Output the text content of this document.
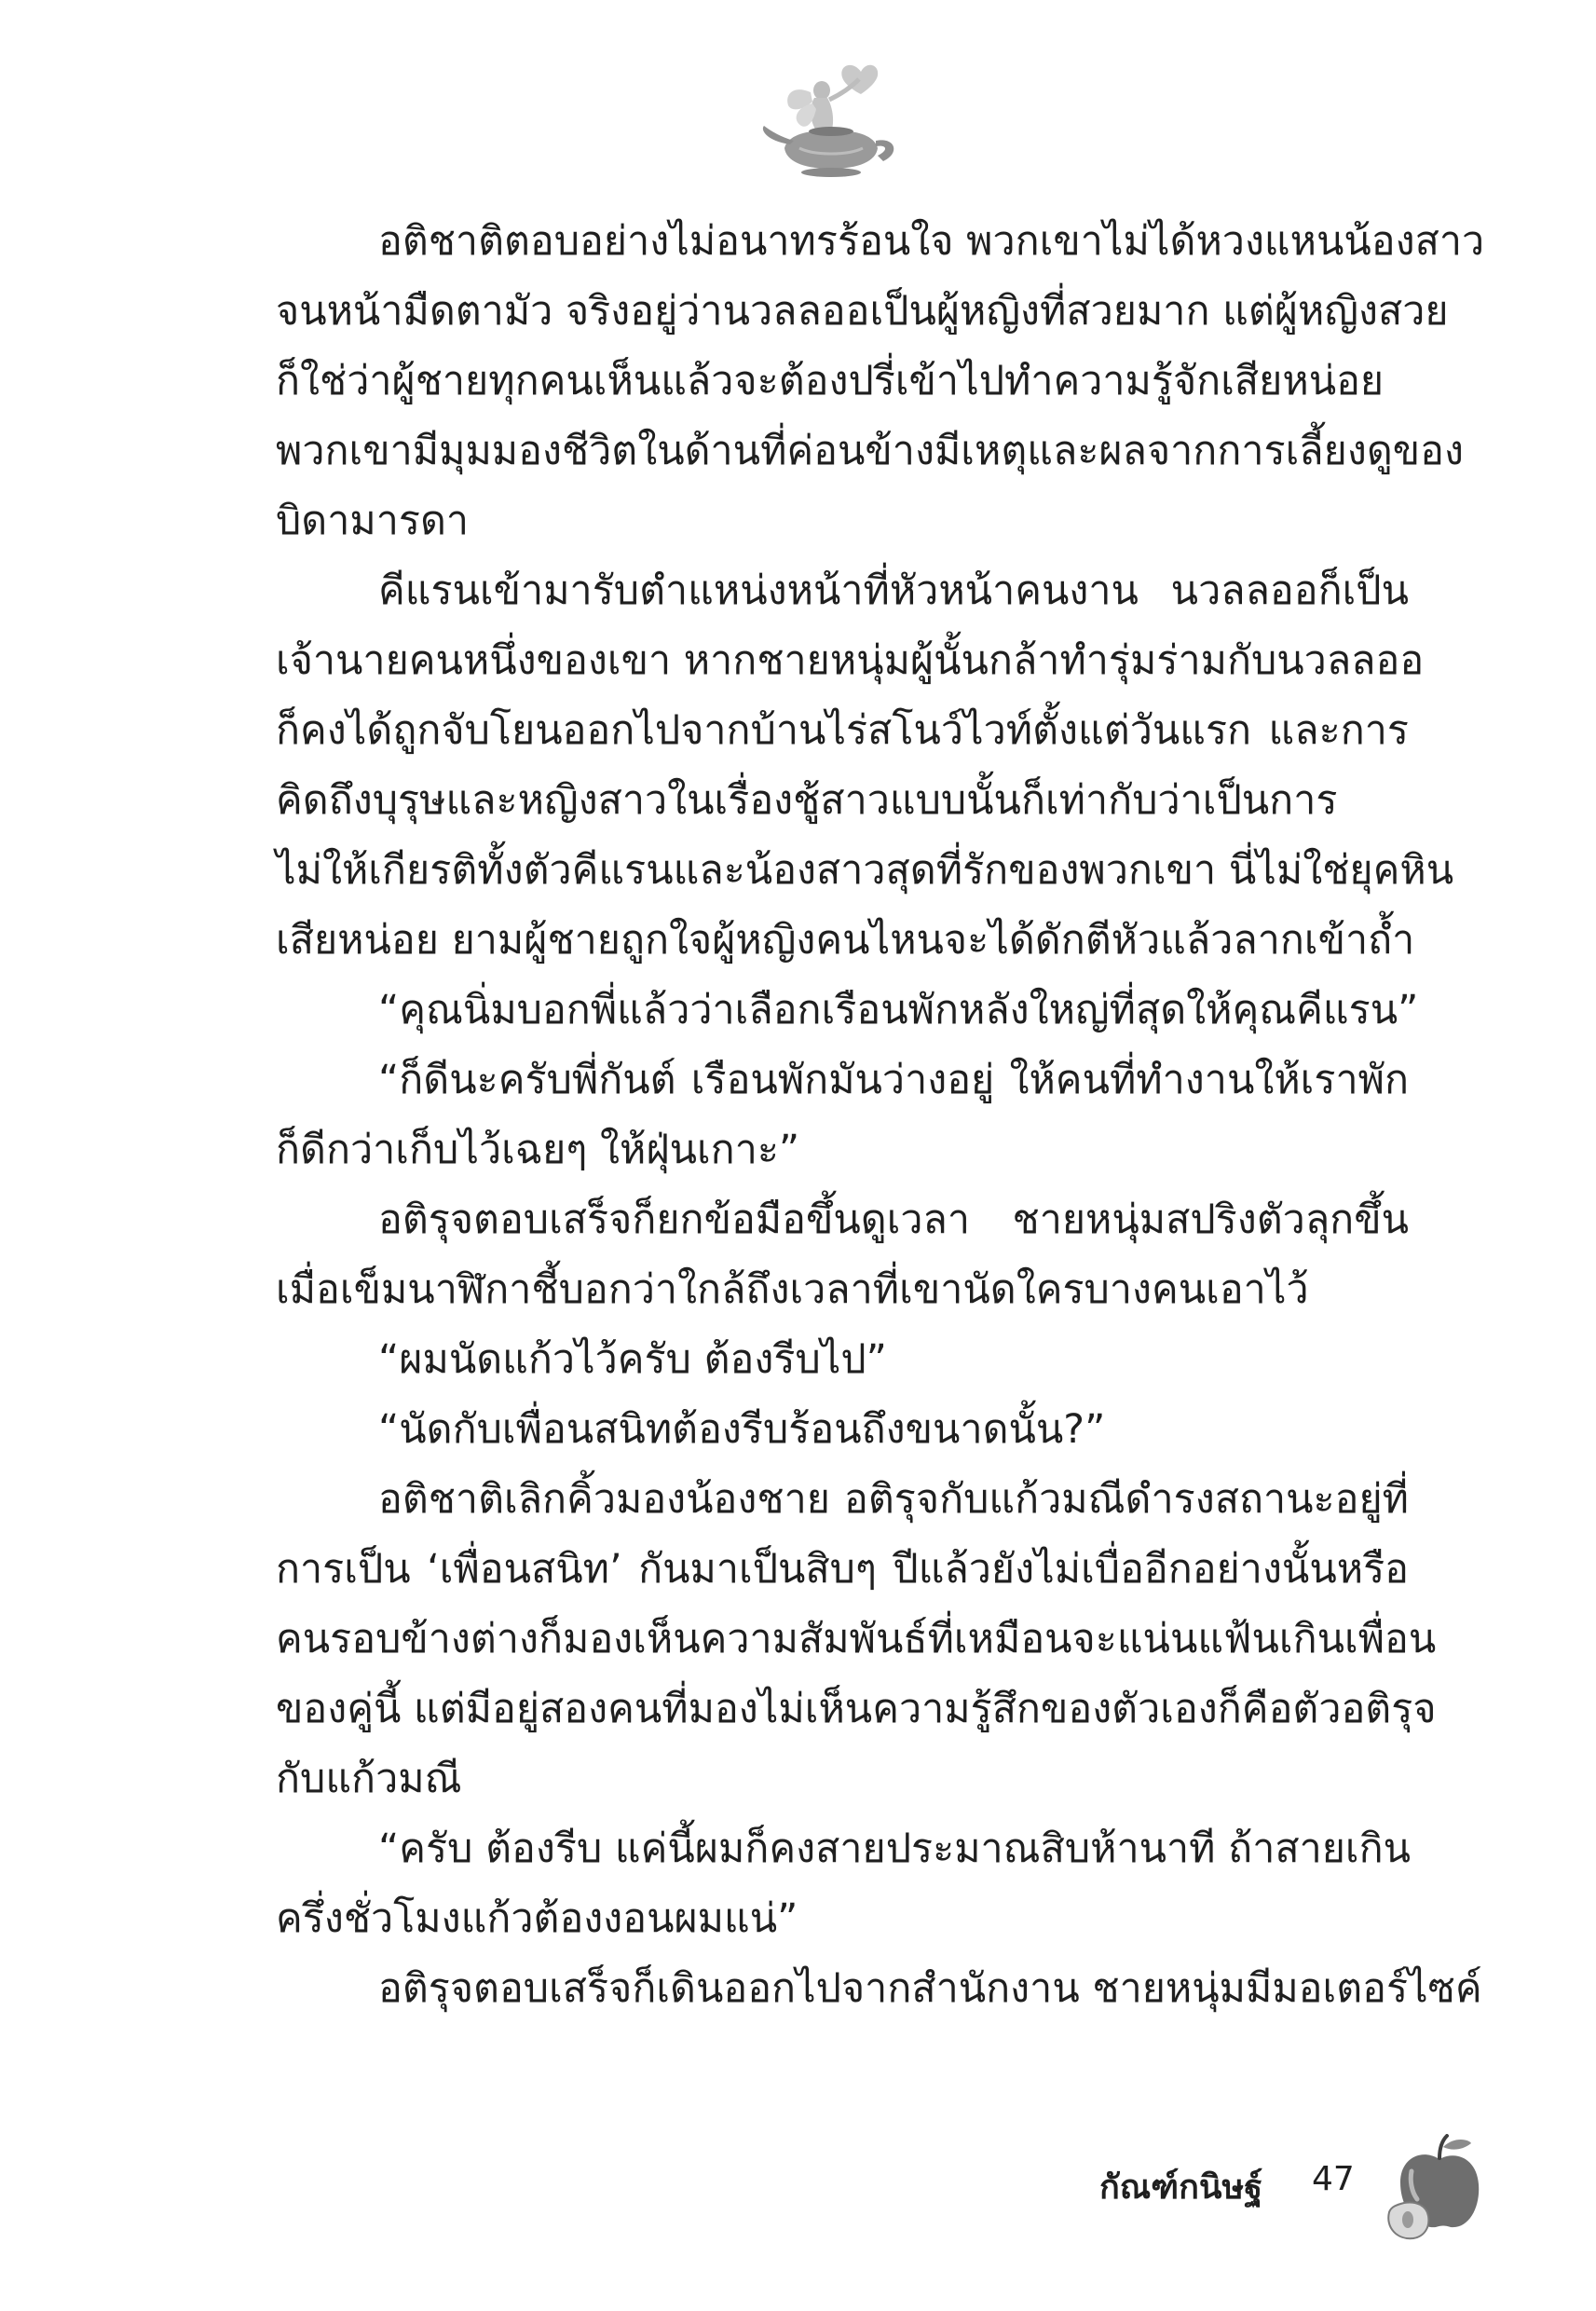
อติชาติตอบอย่างไม่อนาทรร้อนใจ พวกเขาไม่ได้หวงแหนน้องสาว
จนหน้ามืดตามัว จริงอยู่ว่านวลลออเป็นผู้หญิงที่สวยมาก แต่ผู้หญิงสวย
ก็ใช่ว่าผู้ชายทุกคนเห็นแล้วจะต้องปรี่เข้าไปทำความรู้จักเสียหน่อย
พวกเขามีมุมมองชีวิตในด้านที่ค่อนข้างมีเหตุและผลจากการเลี้ยงดูของ
บิดามารดา
คีแรนเข้ามารับตำแหน่งหน้าที่หัวหน้าคนงาน นวลลออก็เป็น
เจ้านายคนหนึ่งของเขา หากชายหนุ่มผู้นั้นกล้าทำรุ่มร่ามกับนวลลออ
ก็คงได้ถูกจับโยนออกไปจากบ้านไร่สโนว์ไวท์ตั้งแต่วันแรก และการ
คิดถึงบุรุษและหญิงสาวในเรื่องชู้สาวแบบนั้นก็เท่ากับว่าเป็นการ
ไม่ให้เกียรติทั้งตัวคีแรนและน้องสาวสุดที่รักของพวกเขา นี่ไม่ใช่ยุคหิน
เสียหน่อย ยามผู้ชายถูกใจผู้หญิงคนไหนจะได้ดักตีหัวแล้วลากเข้าถ้ำ
“คุณนิ่มบอกพี่แล้วว่าเลือกเรือนพักหลังใหญ่ที่สุดให้คุณคีแรน”
“ก็ดีนะครับพี่กันต์ เรือนพักมันว่างอยู่ ให้คนที่ทำงานให้เราพัก
ก็ดีกว่าเก็บไว้เฉยๆ ให้ฝุ่นเกาะ”
อติรุจตอบเสร็จก็ยกข้อมือขึ้นดูเวลา ชายหนุ่มสปริงตัวลุกขึ้น
เมื่อเข็มนาฬิกาชี้บอกว่าใกล้ถึงเวลาที่เขานัดใครบางคนเอาไว้
“ผมนัดแก้วไว้ครับ ต้องรีบไป”
“นัดกับเพื่อนสนิทต้องรีบร้อนถึงขนาดนั้น?”
อติชาติเลิกคิ้วมองน้องชาย อติรุจกับแก้วมณีดำรงสถานะอยู่ที่
การเป็น ‘เพื่อนสนิท’ กันมาเป็นสิบๆ ปีแล้วยังไม่เบื่ออีกอย่างนั้นหรือ
คนรอบข้างต่างก็มองเห็นความสัมพันธ์ที่เหมือนจะแน่นแฟ้นเกินเพื่อน
ของคู่นี้ แต่มีอยู่สองคนที่มองไม่เห็นความรู้สึกของตัวเองก็คือตัวอติรุจ
กับแก้วมณี
“ครับ ต้องรีบ แค่นี้ผมก็คงสายประมาณสิบห้านาที ถ้าสายเกิน
ครึ่งชั่วโมงแก้วต้องงอนผมแน่”
อติรุจตอบเสร็จก็เดินออกไปจากสำนักงาน ชายหนุ่มมีมอเตอร์ไซค์
กัณฑ์กนิษฐ์ 47
